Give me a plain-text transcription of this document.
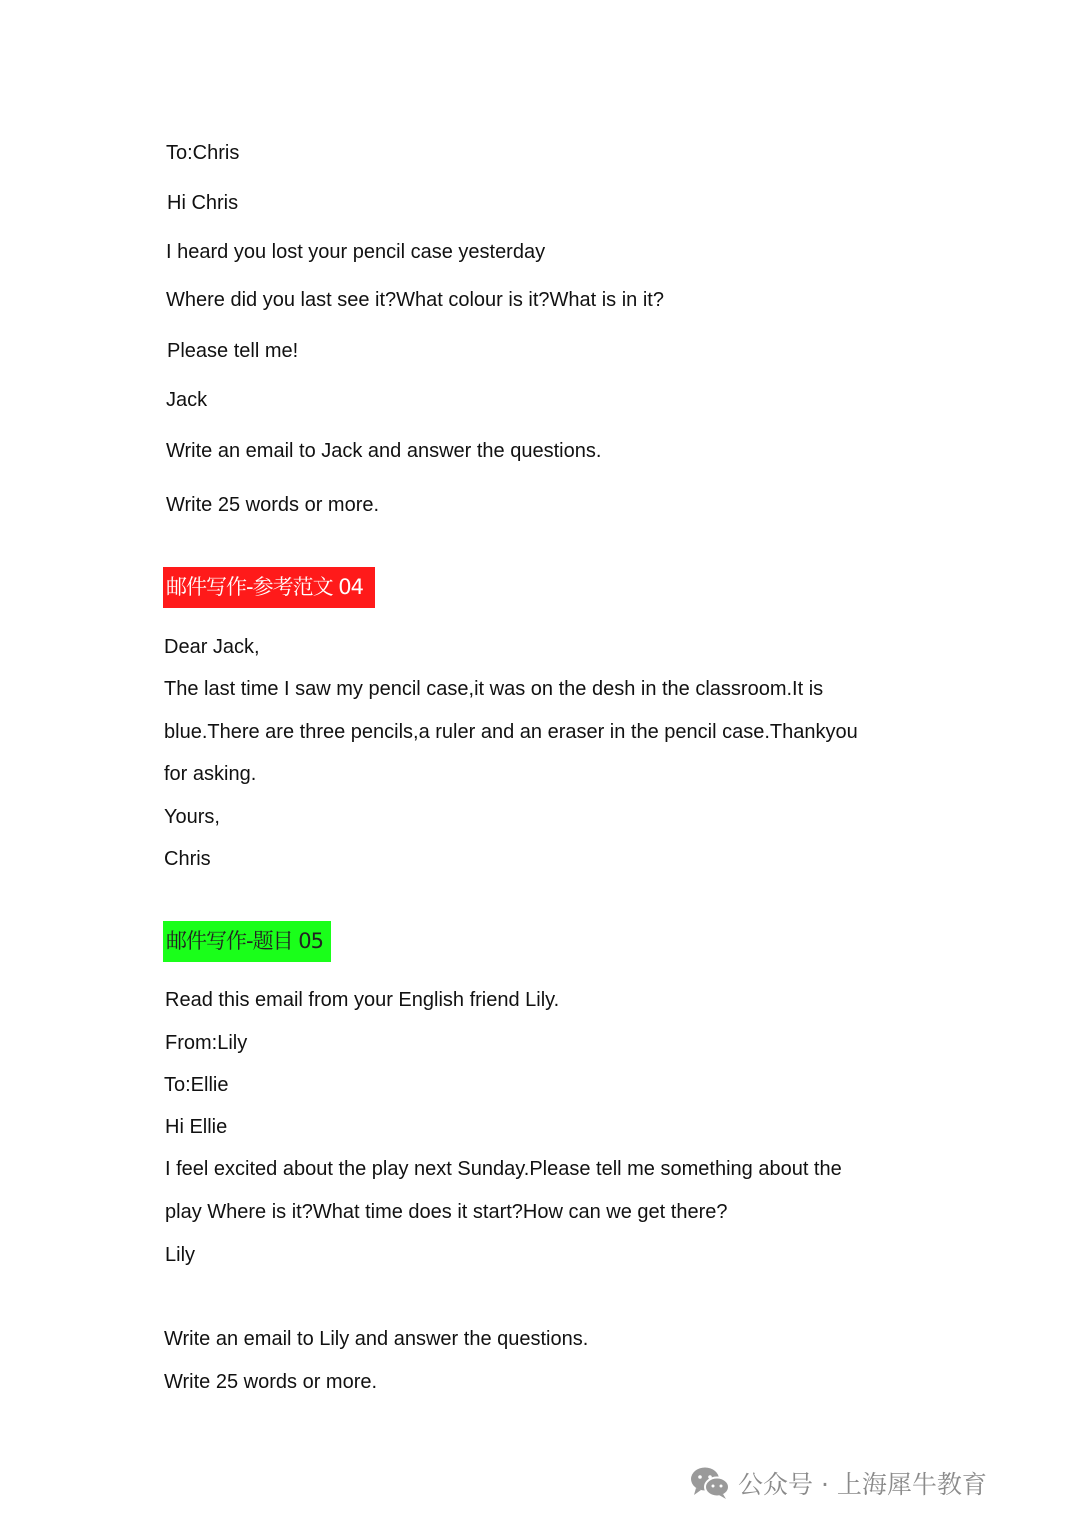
To:Chris
Hi Chris
I heard you lost your pencil case yesterday
Where did you last see it?What colour is it?What is in it?
Please tell me!
Jack
Write an email to Jack and answer the questions.
Write 25 words or more.
邮件写作-参考范文 04
Dear Jack,
The last time I saw my pencil case,it was on the desh in the classroom.It is
blue.There are three pencils,a ruler and an eraser in the pencil case.Thankyou
for asking.
Yours,
Chris
邮件写作-题目 05
Read this email from your English friend Lily.
From:Lily
To:Ellie
Hi Ellie
I feel excited about the play next Sunday.Please tell me something about the
play Where is it?What time does it start?How can we get there?
Lily
Write an email to Lily and answer the questions.
Write 25 words or more.
公众号 · 上海犀牛教育
